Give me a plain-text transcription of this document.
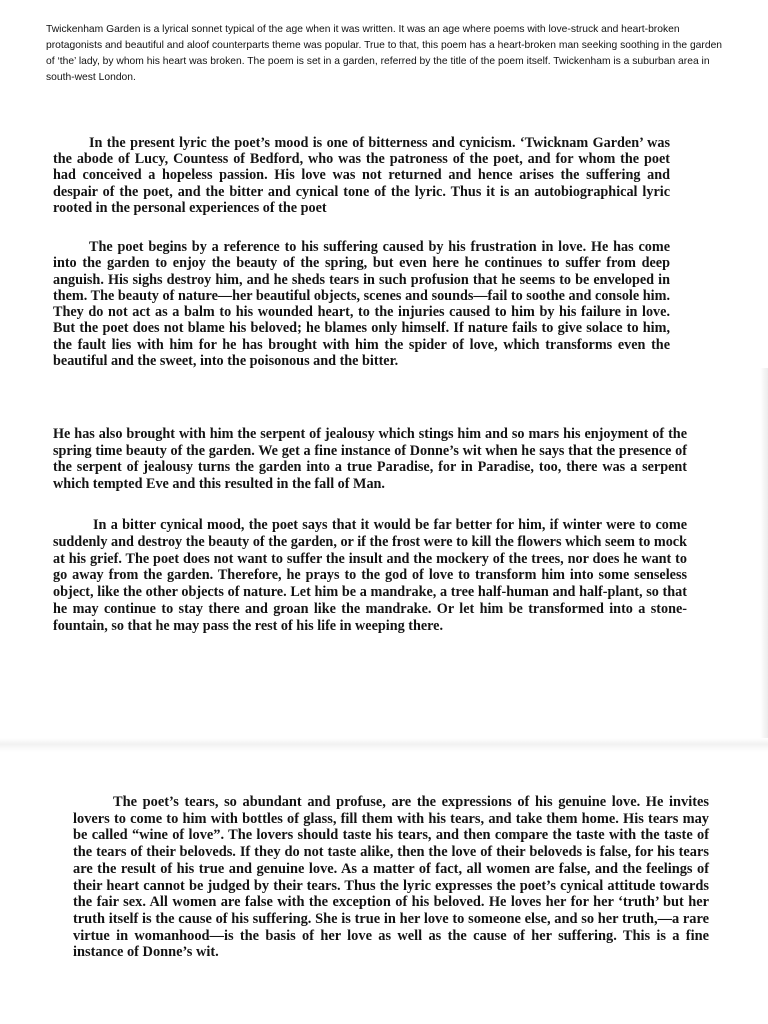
Twickenham Garden is a lyrical sonnet typical of the age when it was written. It was an age where poems with love-struck and heart-broken protagonists and beautiful and aloof counterparts theme was popular. True to that, this poem has a heart-broken man seeking soothing in the garden of ‘the’ lady, by whom his heart was broken. The poem is set in a garden, referred by the title of the poem itself. Twickenham is a suburban area in south-west London.

In the present lyric the poet’s mood is one of bitterness and cynicism. ‘Twicknam Garden’ was the abode of Lucy, Countess of Bedford, who was the patroness of the poet, and for whom the poet had conceived a hopeless passion. His love was not returned and hence arises the suffering and despair of the poet, and the bitter and cynical tone of the lyric. Thus it is an autobiographical lyric rooted in the personal experiences of the poet

The poet begins by a reference to his suffering caused by his frustration in love. He has come into the garden to enjoy the beauty of the spring, but even here he continues to suffer from deep anguish. His sighs destroy him, and he sheds tears in such profusion that he seems to be enveloped in them. The beauty of nature—her beautiful objects, scenes and sounds—fail to soothe and console him. They do not act as a balm to his wounded heart, to the injuries caused to him by his failure in love. But the poet does not blame his beloved; he blames only himself. If nature fails to give solace to him, the fault lies with him for he has brought with him the spider of love, which transforms even the beautiful and the sweet, into the poisonous and the bitter.

He has also brought with him the serpent of jealousy which stings him and so mars his enjoyment of the spring time beauty of the garden. We get a fine instance of Donne’s wit when he says that the presence of the serpent of jealousy turns the garden into a true Paradise, for in Paradise, too, there was a serpent which tempted Eve and this resulted in the fall of Man.

In a bitter cynical mood, the poet says that it would be far better for him, if winter were to come suddenly and destroy the beauty of the garden, or if the frost were to kill the flowers which seem to mock at his grief. The poet does not want to suffer the insult and the mockery of the trees, nor does he want to go away from the garden. Therefore, he prays to the god of love to transform him into some senseless object, like the other objects of nature. Let him be a mandrake, a tree half-human and half-plant, so that he may continue to stay there and groan like the mandrake. Or let him be transformed into a stone-fountain, so that he may pass the rest of his life in weeping there.

The poet’s tears, so abundant and profuse, are the expressions of his genuine love. He invites lovers to come to him with bottles of glass, fill them with his tears, and take them home. His tears may be called “wine of love”. The lovers should taste his tears, and then compare the taste with the taste of the tears of their beloveds. If they do not taste alike, then the love of their beloveds is false, for his tears are the result of his true and genuine love. As a matter of fact, all women are false, and the feelings of their heart cannot be judged by their tears. Thus the lyric expresses the poet’s cynical attitude towards the fair sex. All women are false with the exception of his beloved. He loves her for her ‘truth’ but her truth itself is the cause of his suffering. She is true in her love to someone else, and so her truth,—a rare virtue in womanhood—is the basis of her love as well as the cause of her suffering. This is a fine instance of Donne’s wit.
